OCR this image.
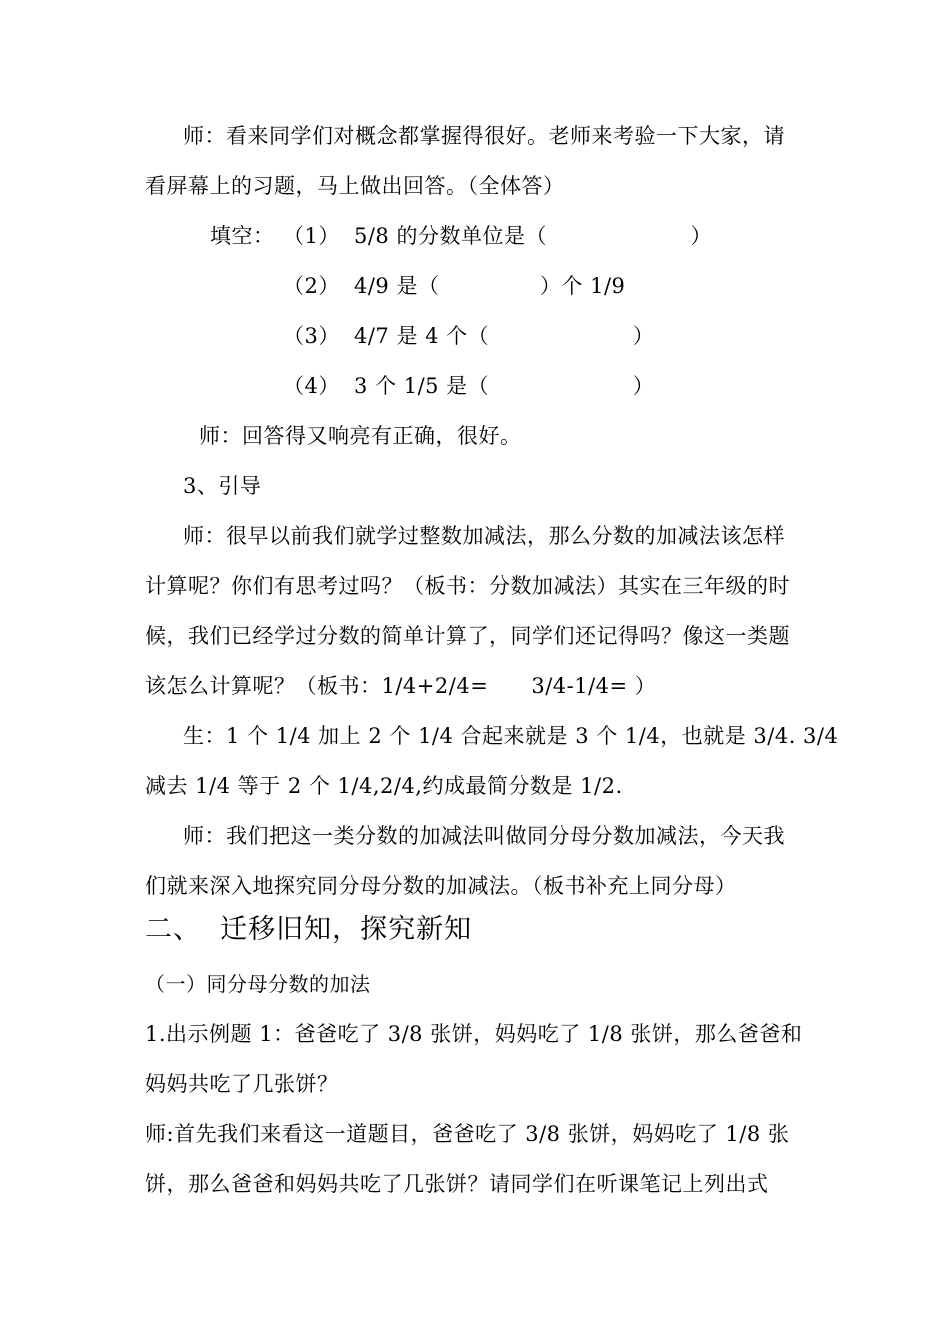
师：看来同学们对概念都掌握得很好。老师来考验一下大家，请
看屏幕上的习题，马上做出回答。（全体答）
填空： （1） 5/8 的分数单位是（                    ）
（2） 4/9 是（              ）个 1/9
（3） 4/7 是 4 个（                    ）
（4） 3 个 1/5 是（                    ）
师：回答得又响亮有正确，很好。
3、引导
师：很早以前我们就学过整数加减法，那么分数的加减法该怎样
计算呢？你们有思考过吗？（板书：分数加减法）其实在三年级的时
候，我们已经学过分数的简单计算了，同学们还记得吗？像这一类题
该怎么计算呢？（板书：1/4+2/4=      3/4-1/4= ）
生：1 个 1/4 加上 2 个 1/4 合起来就是 3 个 1/4，也就是 3/4. 3/4
减去 1/4 等于 2 个 1/4,2/4,约成最简分数是 1/2.
师：我们把这一类分数的加减法叫做同分母分数加减法，今天我
们就来深入地探究同分母分数的加减法。（板书补充上同分母）
二、  迁移旧知，探究新知
（一）同分母分数的加法
1.出示例题 1：爸爸吃了 3/8 张饼，妈妈吃了 1/8 张饼，那么爸爸和
妈妈共吃了几张饼？
师:首先我们来看这一道题目，爸爸吃了 3/8 张饼，妈妈吃了 1/8 张
饼，那么爸爸和妈妈共吃了几张饼？请同学们在听课笔记上列出式
